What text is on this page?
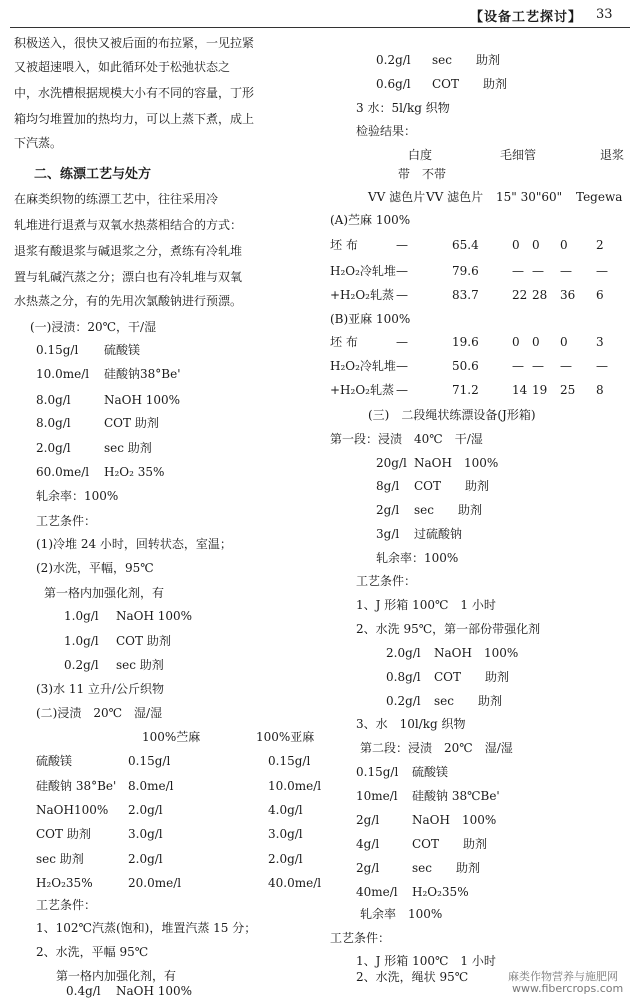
【设备工艺探讨】 33
积极送入，很快又被后面的布拉紧，一见拉紧
又被超速喂入，如此循环处于松弛状态之
中，水洗槽根据规模大小有不同的容量，丁形
箱均匀堆置加的热均力，可以上蒸下煮，成上
下汽蒸。
二、练漂工艺与处方
在麻类织物的练漂工艺中，往往采用冷
轧堆进行退煮与双氧水热蒸相结合的方式：
退浆有酸退浆与碱退浆之分，煮练有冷轧堆
置与轧碱汽蒸之分；漂白也有冷轧堆与双氧
水热蒸之分，有的先用次氯酸钠进行预漂。
(一)浸渍：20℃，干/湿
0.15g/l 硫酸镁
10.0me/l 硅酸钠38°Be'
8.0g/l	NaOH 100%
8.0g/l	COT 助剂
2.0g/l	sec 助剂
60.0me/l H₂O₂ 35%
轧余率：100%
工艺条件：
(1)冷堆 24 小时，回转状态，室温；
(2)水洗，平幅，95℃
第一格内加强化剂，有
1.0g/l NaOH 100%
1.0g/l COT 助剂
0.2g/l sec 助剂
(3)水 11 立升/公斤织物
(二)浸渍　20℃　湿/湿
100%苎麻	100%亚麻
硫酸镁	0.15g/l	0.15g/l
硅酸钠 38°Be' 8.0me/l	10.0me/l
NaOH100% 2.0g/l	4.0g/l
COT 助剂	3.0g/l	3.0g/l
sec 助剂	2.0g/l	2.0g/l
H₂O₂35%	20.0me/l	40.0me/l
工艺条件：
1、102℃汽蒸(饱和)，堆置汽蒸 15 分；
2、水洗，平幅 95℃
第一格内加强化剂，有
0.4g/l NaOH 100%
0.2g/l sec　　助剂
0.6g/l COT　　助剂
3 水：5l/kg 织物
检验结果：
白度	毛细管	退浆
带　不带
VV 滤色片 VV 滤色片 15" 30"60" Tegewa
(A)苎麻 100%
坯 布	—	65.4	0 0 0 2
H₂O₂冷轧堆 —	79.6	— — — —
+H₂O₂轧蒸 —	83.7	22 28 36 6
(B)亚麻 100%
坯 布	—	19.6	0 0 0 3
H₂O₂冷轧堆 —	50.6	— — — —
+H₂O₂轧蒸 —	71.2	14 19 25 8
(三)　二段绳状练漂设备(J形箱)
第一段：浸渍　40℃　干/湿
20g/l NaOH　100%
8g/l COT　　助剂
2g/l sec　　助剂
3g/l 过硫酸钠
轧余率：100%
工艺条件：
1、J 形箱 100℃　1 小时
2、水洗 95℃，第一部份带强化剂
2.0g/l NaOH　100%
0.8g/l COT　　助剂
0.2g/l sec　　助剂
3、水　10l/kg 织物
第二段：浸渍　20℃　湿/湿
0.15g/l 硫酸镁
10me/l 硅酸钠 38℃Be'
2g/l	NaOH　100%
4g/l	COT　　助剂
2g/l	sec　　助剂
40me/l H₂O₂35%
轧余率　100%
工艺条件：
1、J 形箱 100℃　1 小时
2、水洗，绳状 95℃	麻类作物营养与施肥网
www.fibercrops.com
